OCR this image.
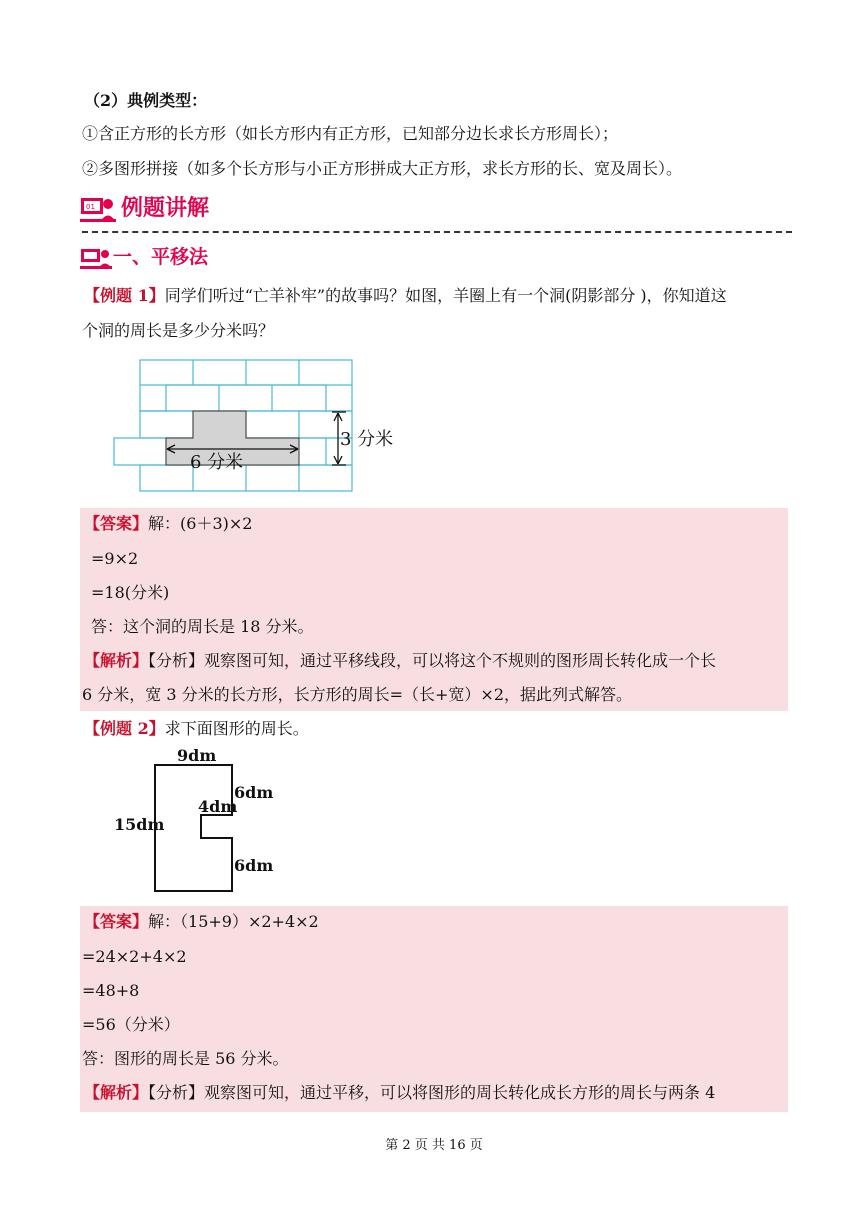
（2）典例类型：
①含正方形的长方形（如长方形内有正方形，已知部分边长求长方形周长）；
②多图形拼接（如多个长方形与小正方形拼成大正方形，求长方形的长、宽及周长）。
01 例题讲解
一、平移法
【例题 1】同学们听过“亡羊补牢”的故事吗？如图，羊圈上有一个洞(阴影部分 )，你知道这
个洞的周长是多少分米吗？
6 分米
3 分米
【答案】解：(6＋3)×2
=9×2
=18(分米)
答：这个洞的周长是 18 分米。
【解析】【分析】观察图可知，通过平移线段，可以将这个不规则的图形周长转化成一个长
6 分米，宽 3 分米的长方形，长方形的周长=（长+宽）×2，据此列式解答。
【例题 2】求下面图形的周长。
9dm
15dm
6dm
4dm
6dm
【答案】解：（15+9）×2+4×2
=24×2+4×2
=48+8
=56（分米）
答：图形的周长是 56 分米。
【解析】【分析】观察图可知，通过平移，可以将图形的周长转化成长方形的周长与两条 4
第 2 页 共 16 页
